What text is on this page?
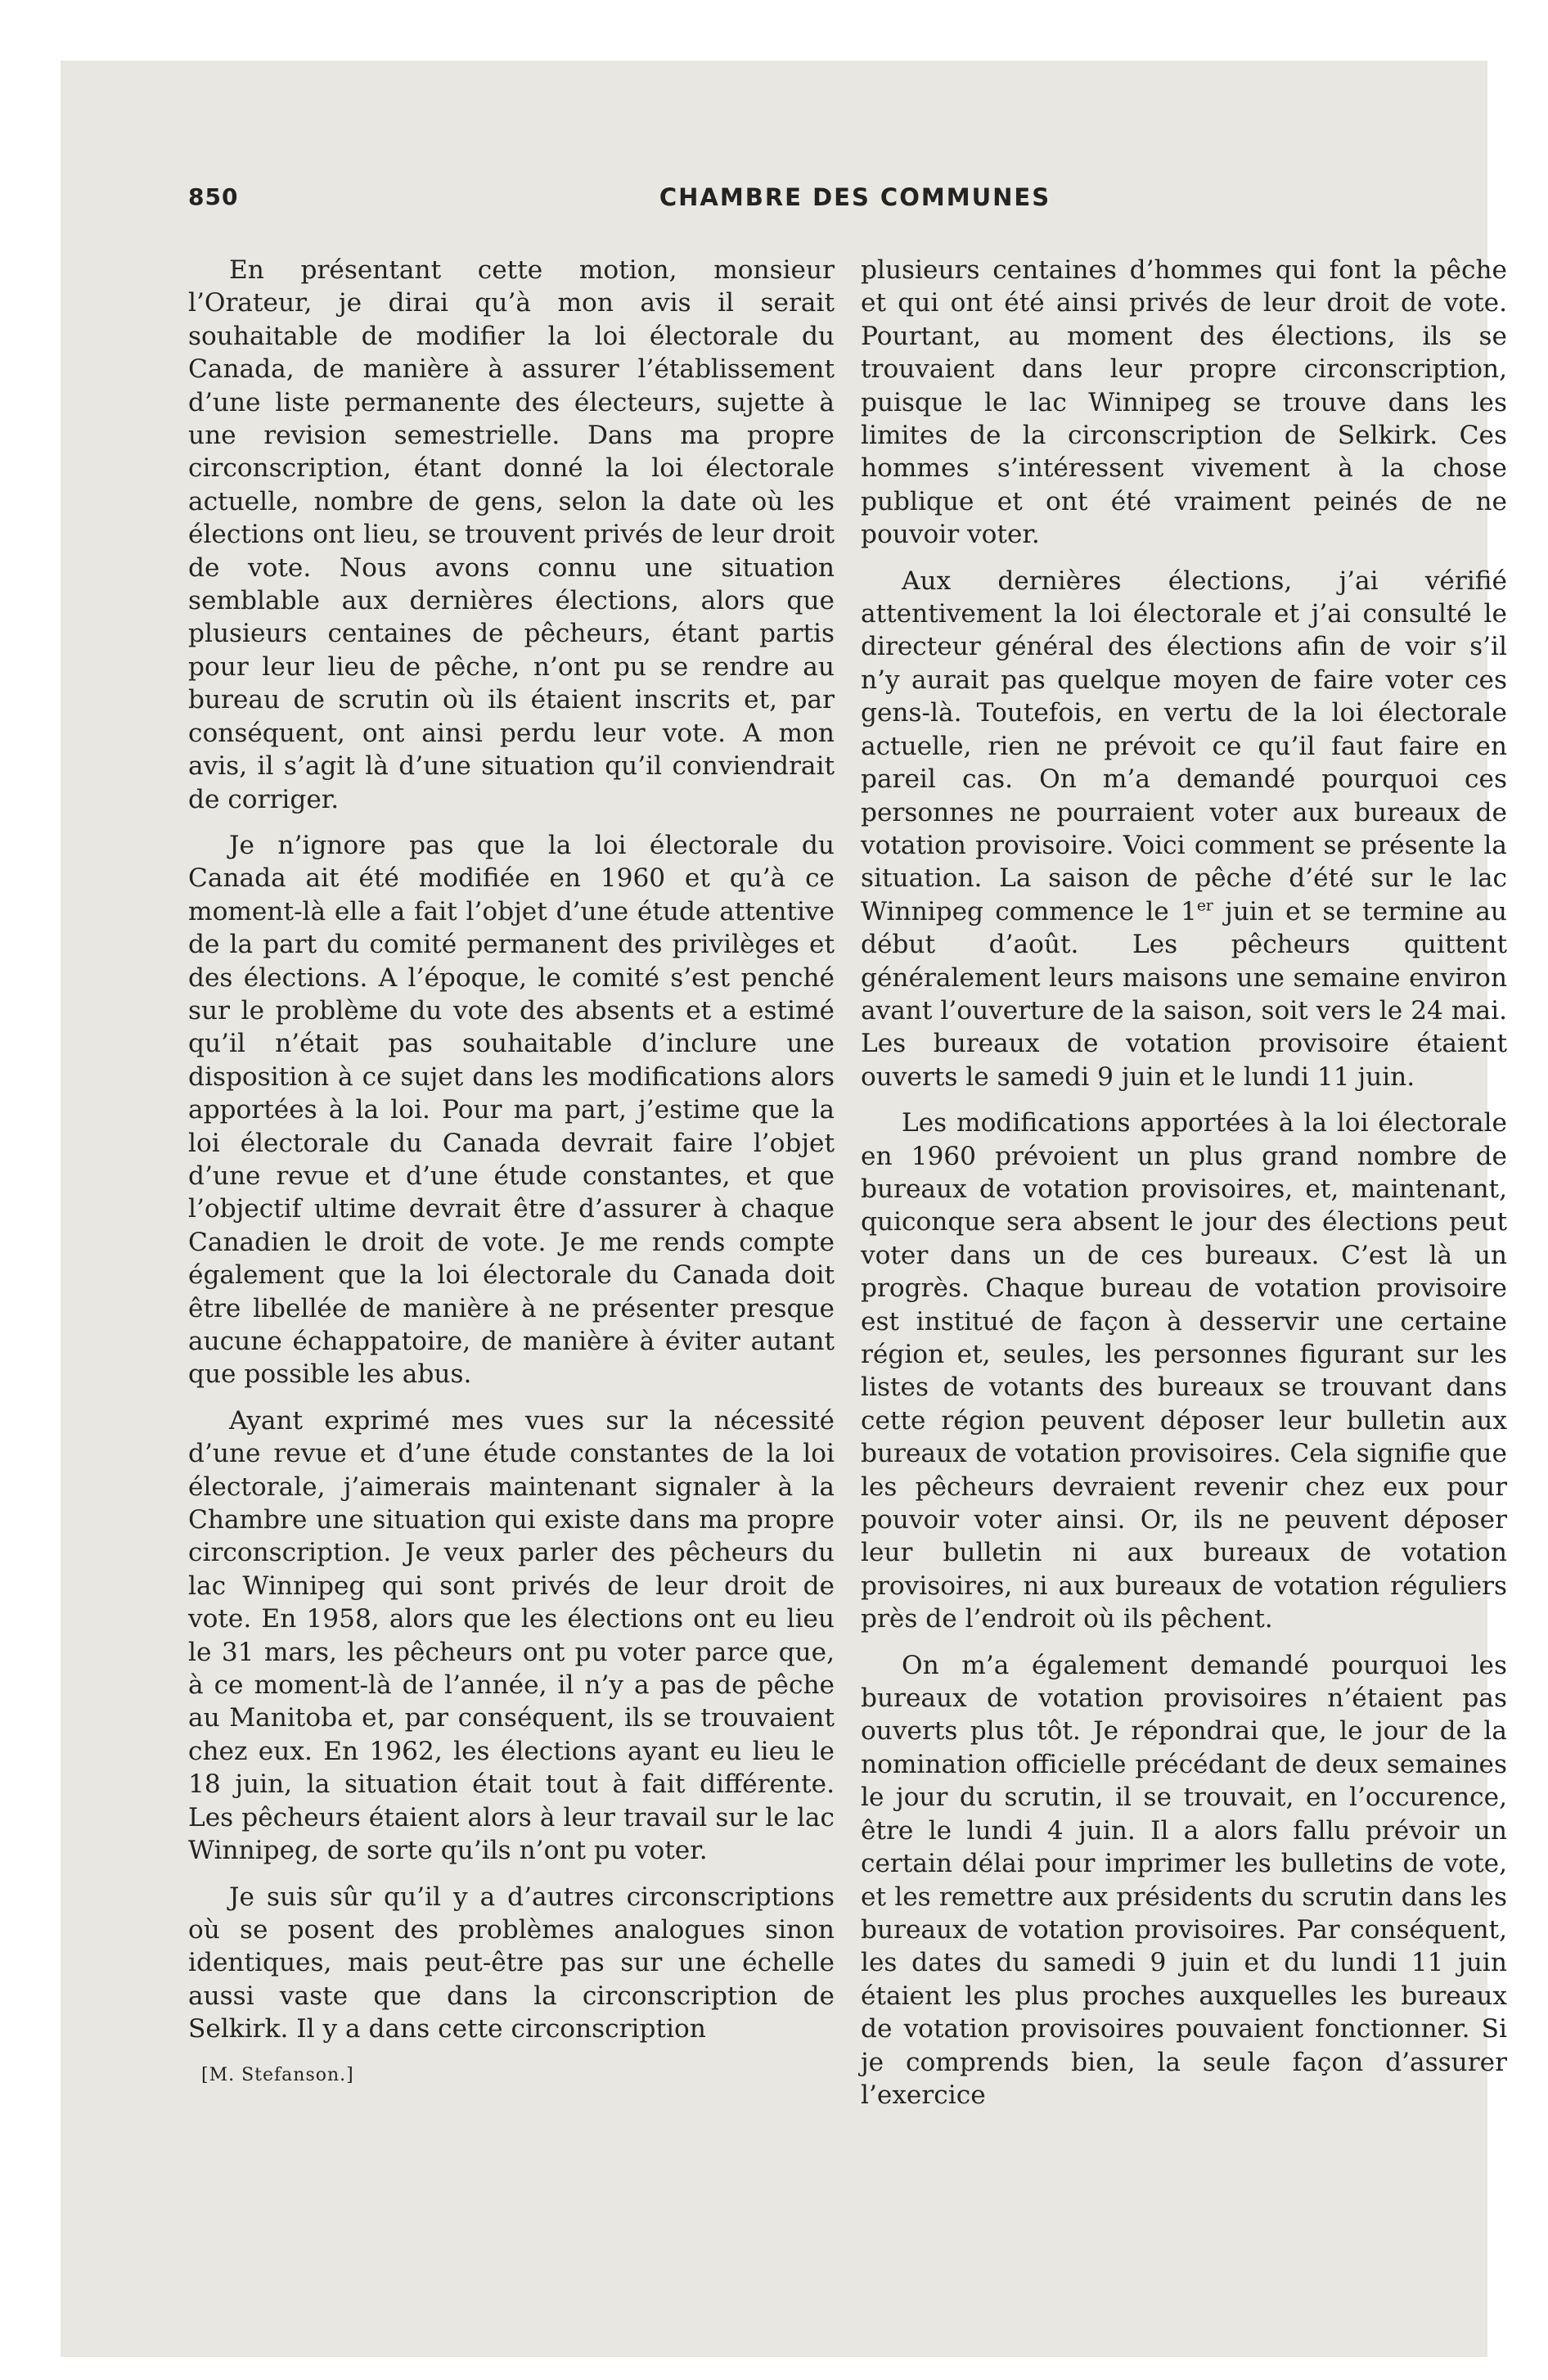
850	CHAMBRE DES COMMUNES

En présentant cette motion, monsieur l’Orateur, je dirai qu’à mon avis il serait souhaitable de modifier la loi électorale du Canada, de manière à assurer l’établissement d’une liste permanente des électeurs, sujette à une revision semestrielle. Dans ma propre circonscription, étant donné la loi électorale actuelle, nombre de gens, selon la date où les élections ont lieu, se trouvent privés de leur droit de vote. Nous avons connu une situation semblable aux dernières élections, alors que plusieurs centaines de pêcheurs, étant partis pour leur lieu de pêche, n’ont pu se rendre au bureau de scrutin où ils étaient inscrits et, par conséquent, ont ainsi perdu leur vote. A mon avis, il s’agit là d’une situation qu’il conviendrait de corriger.

Je n’ignore pas que la loi électorale du Canada ait été modifiée en 1960 et qu’à ce moment-là elle a fait l’objet d’une étude attentive de la part du comité permanent des privilèges et des élections. A l’époque, le comité s’est penché sur le problème du vote des absents et a estimé qu’il n’était pas souhaitable d’inclure une disposition à ce sujet dans les modifications alors apportées à la loi. Pour ma part, j’estime que la loi électorale du Canada devrait faire l’objet d’une revue et d’une étude constantes, et que l’objectif ultime devrait être d’assurer à chaque Canadien le droit de vote. Je me rends compte également que la loi électorale du Canada doit être libellée de manière à ne présenter presque aucune échappatoire, de manière à éviter autant que possible les abus.

Ayant exprimé mes vues sur la nécessité d’une revue et d’une étude constantes de la loi électorale, j’aimerais maintenant signaler à la Chambre une situation qui existe dans ma propre circonscription. Je veux parler des pêcheurs du lac Winnipeg qui sont privés de leur droit de vote. En 1958, alors que les élections ont eu lieu le 31 mars, les pêcheurs ont pu voter parce que, à ce moment-là de l’année, il n’y a pas de pêche au Manitoba et, par conséquent, ils se trouvaient chez eux. En 1962, les élections ayant eu lieu le 18 juin, la situation était tout à fait différente. Les pêcheurs étaient alors à leur travail sur le lac Winnipeg, de sorte qu’ils n’ont pu voter.

Je suis sûr qu’il y a d’autres circonscriptions où se posent des problèmes analogues sinon identiques, mais peut-être pas sur une échelle aussi vaste que dans la circonscription de Selkirk. Il y a dans cette circonscription

[M. Stefanson.]

plusieurs centaines d’hommes qui font la pêche et qui ont été ainsi privés de leur droit de vote. Pourtant, au moment des élections, ils se trouvaient dans leur propre circonscription, puisque le lac Winnipeg se trouve dans les limites de la circonscription de Selkirk. Ces hommes s’intéressent vivement à la chose publique et ont été vraiment peinés de ne pouvoir voter.

Aux dernières élections, j’ai vérifié attentivement la loi électorale et j’ai consulté le directeur général des élections afin de voir s’il n’y aurait pas quelque moyen de faire voter ces gens-là. Toutefois, en vertu de la loi électorale actuelle, rien ne prévoit ce qu’il faut faire en pareil cas. On m’a demandé pourquoi ces personnes ne pourraient voter aux bureaux de votation provisoire. Voici comment se présente la situation. La saison de pêche d’été sur le lac Winnipeg commence le 1er juin et se termine au début d’août. Les pêcheurs quittent généralement leurs maisons une semaine environ avant l’ouverture de la saison, soit vers le 24 mai. Les bureaux de votation provisoire étaient ouverts le samedi 9 juin et le lundi 11 juin.

Les modifications apportées à la loi électorale en 1960 prévoient un plus grand nombre de bureaux de votation provisoires, et, maintenant, quiconque sera absent le jour des élections peut voter dans un de ces bureaux. C’est là un progrès. Chaque bureau de votation provisoire est institué de façon à desservir une certaine région et, seules, les personnes figurant sur les listes de votants des bureaux se trouvant dans cette région peuvent déposer leur bulletin aux bureaux de votation provisoires. Cela signifie que les pêcheurs devraient revenir chez eux pour pouvoir voter ainsi. Or, ils ne peuvent déposer leur bulletin ni aux bureaux de votation provisoires, ni aux bureaux de votation réguliers près de l’endroit où ils pêchent.

On m’a également demandé pourquoi les bureaux de votation provisoires n’étaient pas ouverts plus tôt. Je répondrai que, le jour de la nomination officielle précédant de deux semaines le jour du scrutin, il se trouvait, en l’occurence, être le lundi 4 juin. Il a alors fallu prévoir un certain délai pour imprimer les bulletins de vote, et les remettre aux présidents du scrutin dans les bureaux de votation provisoires. Par conséquent, les dates du samedi 9 juin et du lundi 11 juin étaient les plus proches auxquelles les bureaux de votation provisoires pouvaient fonctionner. Si je comprends bien, la seule façon d’assurer l’exercice
